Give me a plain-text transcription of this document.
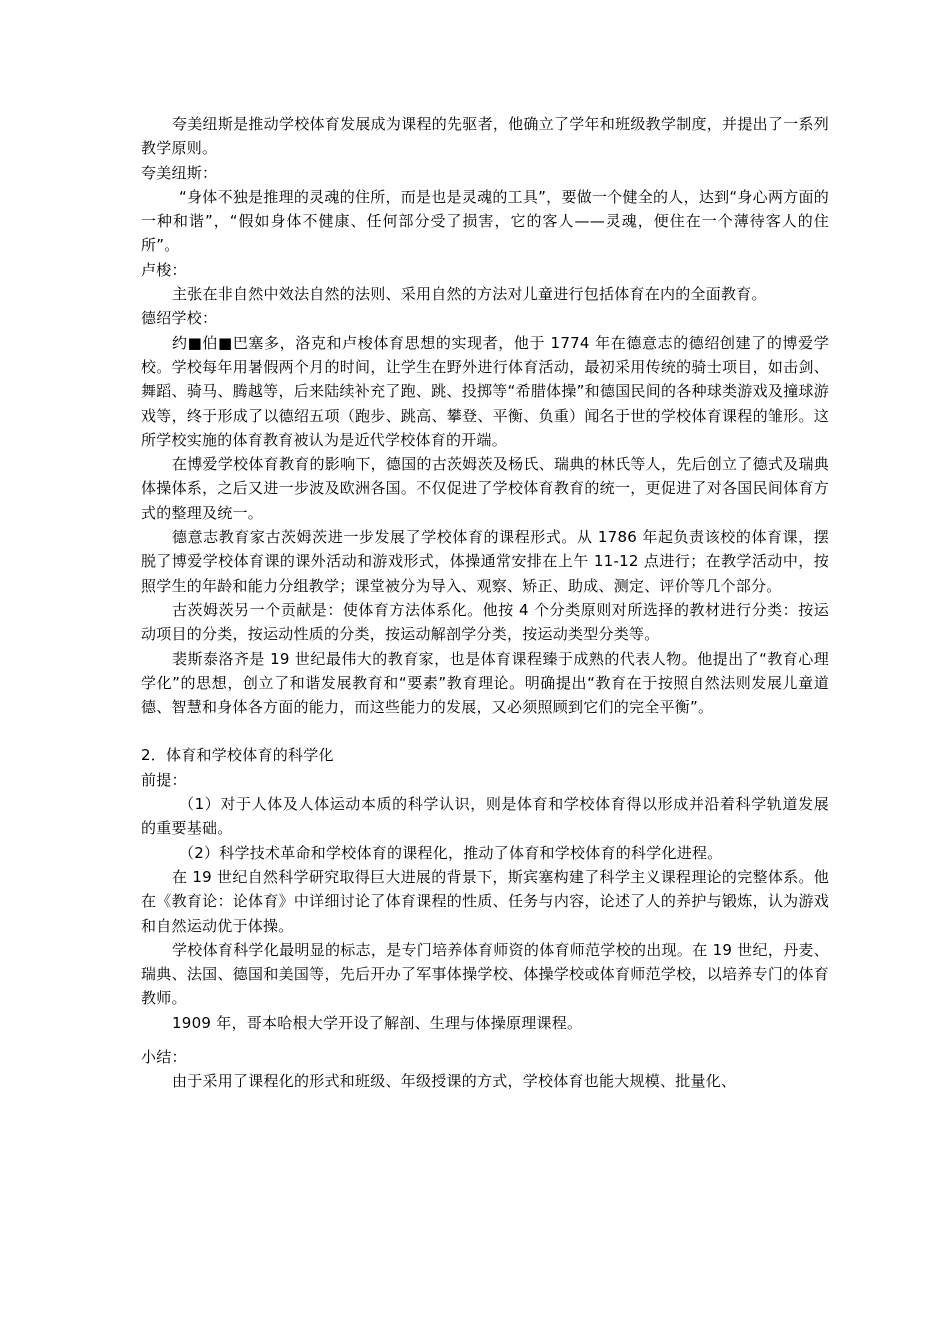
夸美纽斯是推动学校体育发展成为课程的先驱者，他确立了学年和班级教学制度，并提出了一系列教学原则。

夸美纽斯：

“身体不独是推理的灵魂的住所，而是也是灵魂的工具”，要做一个健全的人，达到“身心两方面的一种和谐”，“假如身体不健康、任何部分受了损害，它的客人——灵魂，便住在一个薄待客人的住所”。

卢梭：

主张在非自然中效法自然的法则、采用自然的方法对儿童进行包括体育在内的全面教育。

德绍学校：

约■伯■巴塞多，洛克和卢梭体育思想的实现者，他于 1774 年在德意志的德绍创建了的博爱学校。学校每年用暑假两个月的时间，让学生在野外进行体育活动，最初采用传统的骑士项目，如击剑、舞蹈、骑马、腾越等，后来陆续补充了跑、跳、投掷等“希腊体操”和德国民间的各种球类游戏及撞球游戏等，终于形成了以德绍五项（跑步、跳高、攀登、平衡、负重）闻名于世的学校体育课程的雏形。这所学校实施的体育教育被认为是近代学校体育的开端。

在博爱学校体育教育的影响下，德国的古茨姆茨及杨氏、瑞典的林氏等人，先后创立了德式及瑞典体操体系，之后又进一步波及欧洲各国。不仅促进了学校体育教育的统一，更促进了对各国民间体育方式的整理及统一。

德意志教育家古茨姆茨进一步发展了学校体育的课程形式。从 1786 年起负责该校的体育课，摆脱了博爱学校体育课的课外活动和游戏形式，体操通常安排在上午 11-12 点进行；在教学活动中，按照学生的年龄和能力分组教学；课堂被分为导入、观察、矫正、助成、测定、评价等几个部分。

古茨姆茨另一个贡献是：使体育方法体系化。他按 4 个分类原则对所选择的教材进行分类：按运动项目的分类，按运动性质的分类，按运动解剖学分类，按运动类型分类等。

裴斯泰洛齐是 19 世纪最伟大的教育家，也是体育课程臻于成熟的代表人物。他提出了“教育心理学化”的思想，创立了和谐发展教育和“要素”教育理论。明确提出“教育在于按照自然法则发展儿童道德、智慧和身体各方面的能力，而这些能力的发展，又必须照顾到它们的完全平衡”。

2．体育和学校体育的科学化

前提：

（1）对于人体及人体运动本质的科学认识，则是体育和学校体育得以形成并沿着科学轨道发展的重要基础。

（2）科学技术革命和学校体育的课程化，推动了体育和学校体育的科学化进程。

在 19 世纪自然科学研究取得巨大进展的背景下，斯宾塞构建了科学主义课程理论的完整体系。他在《教育论：论体育》中详细讨论了体育课程的性质、任务与内容，论述了人的养护与锻炼，认为游戏和自然运动优于体操。

学校体育科学化最明显的标志，是专门培养体育师资的体育师范学校的出现。在 19 世纪，丹麦、瑞典、法国、德国和美国等，先后开办了军事体操学校、体操学校或体育师范学校，以培养专门的体育教师。

1909 年，哥本哈根大学开设了解剖、生理与体操原理课程。

小结：

由于采用了课程化的形式和班级、年级授课的方式，学校体育也能大规模、批量化、
